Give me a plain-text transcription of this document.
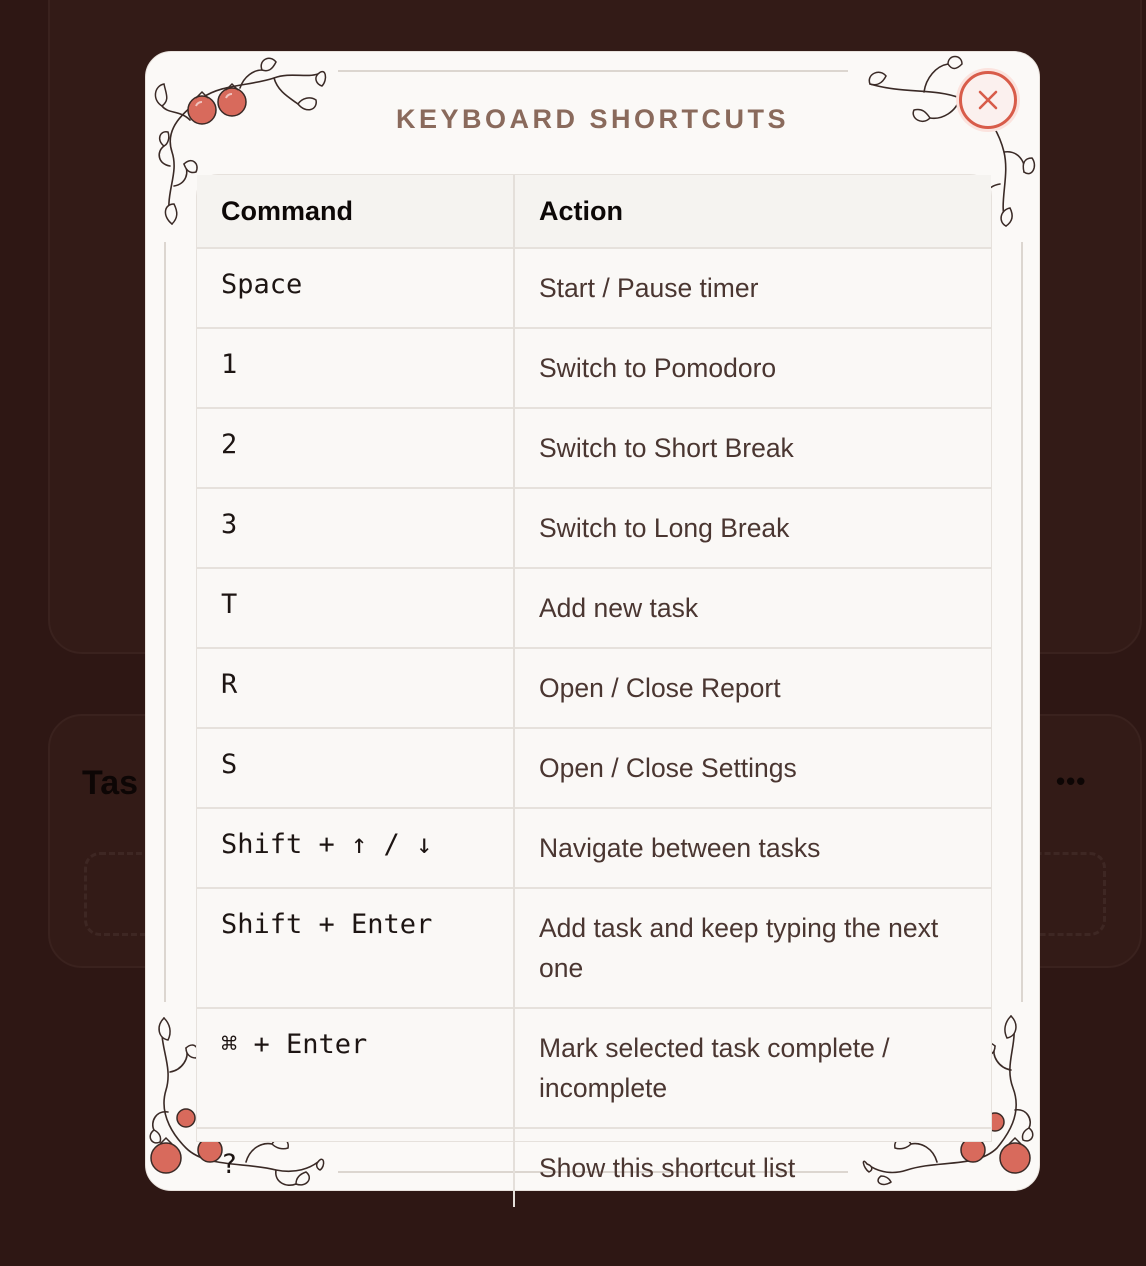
Tas	•••
KEYBOARD SHORTCUTS
Command	Action
Space	Start / Pause timer
1	Switch to Pomodoro
2	Switch to Short Break
3	Switch to Long Break
T	Add new task
R	Open / Close Report
S	Open / Close Settings
Shift + ↑ / ↓	Navigate between tasks
Shift + Enter	Add task and keep typing the next one
⌘ + Enter	Mark selected task complete / incomplete
?	Show this shortcut list
